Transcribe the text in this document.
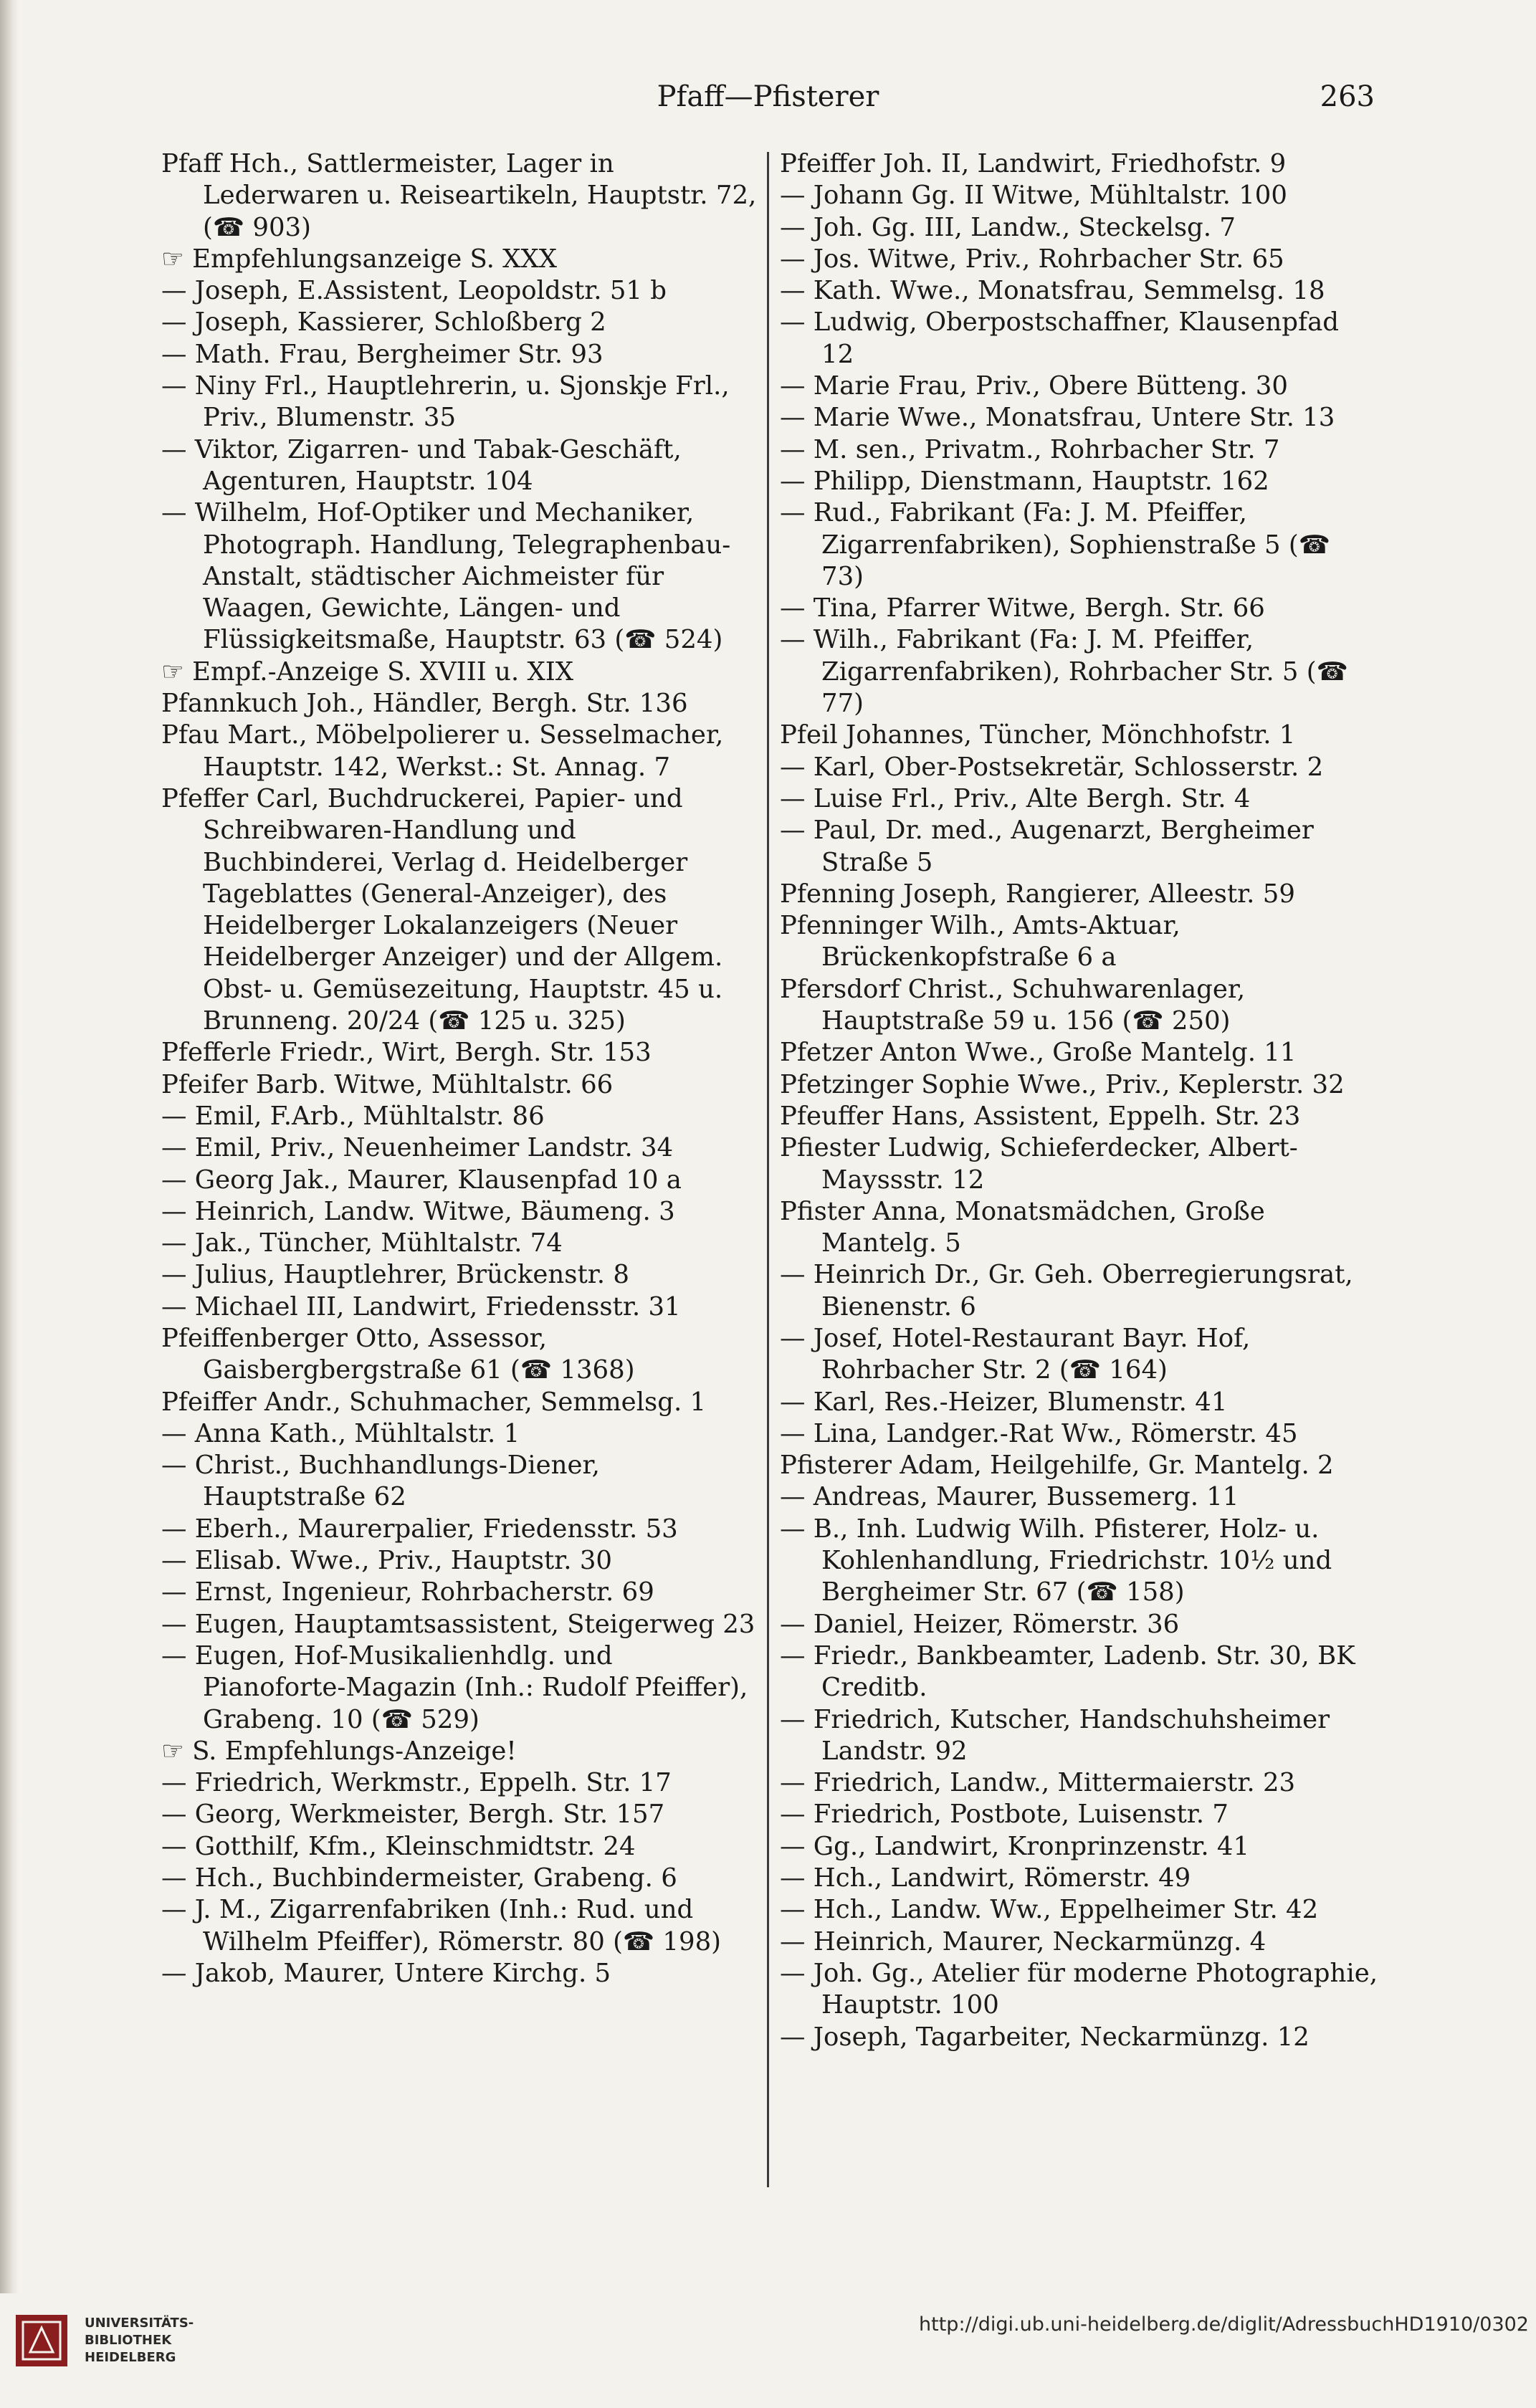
Pfaff—Pfisterer	263

Pfaff Hch., Sattlermeister, Lager in Lederwaren u. Reiseartikeln, Hauptstr. 72, (☎ 903)

☞ Empfehlungsanzeige S. XXX

— Joseph, E.Assistent, Leopoldstr. 51 b

— Joseph, Kassierer, Schloßberg 2

— Math. Frau, Bergheimer Str. 93

— Niny Frl., Hauptlehrerin, u. Sjonskje Frl., Priv., Blumenstr. 35

— Viktor, Zigarren- und Tabak-Geschäft, Agenturen, Hauptstr. 104

— Wilhelm, Hof-Optiker und Mechaniker, Photograph. Handlung, Telegraphenbau-Anstalt, städtischer Aichmeister für Waagen, Gewichte, Längen- und Flüssigkeitsmaße, Hauptstr. 63 (☎ 524)

☞ Empf.-Anzeige S. XVIII u. XIX

Pfannkuch Joh., Händler, Bergh. Str. 136

Pfau Mart., Möbelpolierer u. Sesselmacher, Hauptstr. 142, Werkst.: St. Annag. 7

Pfeffer Carl, Buchdruckerei, Papier- und Schreibwaren-Handlung und Buchbinderei, Verlag d. Heidelberger Tageblattes (General-Anzeiger), des Heidelberger Lokalanzeigers (Neuer Heidelberger Anzeiger) und der Allgem. Obst- u. Gemüsezeitung, Hauptstr. 45 u. Brunneng. 20/24 (☎ 125 u. 325)

Pfefferle Friedr., Wirt, Bergh. Str. 153

Pfeifer Barb. Witwe, Mühltalstr. 66

— Emil, F.Arb., Mühltalstr. 86

— Emil, Priv., Neuenheimer Landstr. 34

— Georg Jak., Maurer, Klausenpfad 10 a

— Heinrich, Landw. Witwe, Bäumeng. 3

— Jak., Tüncher, Mühltalstr. 74

— Julius, Hauptlehrer, Brückenstr. 8

— Michael III, Landwirt, Friedensstr. 31

Pfeiffenberger Otto, Assessor, Gaisbergbergstraße 61 (☎ 1368)

Pfeiffer Andr., Schuhmacher, Semmelsg. 1

— Anna Kath., Mühltalstr. 1

— Christ., Buchhandlungs-Diener, Hauptstraße 62

— Eberh., Maurerpalier, Friedensstr. 53

— Elisab. Wwe., Priv., Hauptstr. 30

— Ernst, Ingenieur, Rohrbacherstr. 69

— Eugen, Hauptamtsassistent, Steigerweg 23

— Eugen, Hof-Musikalienhdlg. und Pianoforte-Magazin (Inh.: Rudolf Pfeiffer), Grabeng. 10 (☎ 529)

☞ S. Empfehlungs-Anzeige!

— Friedrich, Werkmstr., Eppelh. Str. 17

— Georg, Werkmeister, Bergh. Str. 157

— Gotthilf, Kfm., Kleinschmidtstr. 24

— Hch., Buchbindermeister, Grabeng. 6

— J. M., Zigarrenfabriken (Inh.: Rud. und Wilhelm Pfeiffer), Römerstr. 80 (☎ 198)

— Jakob, Maurer, Untere Kirchg. 5

Pfeiffer Joh. II, Landwirt, Friedhofstr. 9

— Johann Gg. II Witwe, Mühltalstr. 100

— Joh. Gg. III, Landw., Steckelsg. 7

— Jos. Witwe, Priv., Rohrbacher Str. 65

— Kath. Wwe., Monatsfrau, Semmelsg. 18

— Ludwig, Oberpostschaffner, Klausenpfad 12

— Marie Frau, Priv., Obere Bütteng. 30

— Marie Wwe., Monatsfrau, Untere Str. 13

— M. sen., Privatm., Rohrbacher Str. 7

— Philipp, Dienstmann, Hauptstr. 162

— Rud., Fabrikant (Fa: J. M. Pfeiffer, Zigarrenfabriken), Sophienstraße 5 (☎ 73)

— Tina, Pfarrer Witwe, Bergh. Str. 66

— Wilh., Fabrikant (Fa: J. M. Pfeiffer, Zigarrenfabriken), Rohrbacher Str. 5 (☎ 77)

Pfeil Johannes, Tüncher, Mönchhofstr. 1

— Karl, Ober-Postsekretär, Schlosserstr. 2

— Luise Frl., Priv., Alte Bergh. Str. 4

— Paul, Dr. med., Augenarzt, Bergheimer Straße 5

Pfenning Joseph, Rangierer, Alleestr. 59

Pfenninger Wilh., Amts-Aktuar, Brückenkopfstraße 6 a

Pfersdorf Christ., Schuhwarenlager, Hauptstraße 59 u. 156 (☎ 250)

Pfetzer Anton Wwe., Große Mantelg. 11

Pfetzinger Sophie Wwe., Priv., Keplerstr. 32

Pfeuffer Hans, Assistent, Eppelh. Str. 23

Pfiester Ludwig, Schieferdecker, Albert-Mayssstr. 12

Pfister Anna, Monatsmädchen, Große Mantelg. 5

— Heinrich Dr., Gr. Geh. Oberregierungsrat, Bienenstr. 6

— Josef, Hotel-Restaurant Bayr. Hof, Rohrbacher Str. 2 (☎ 164)

— Karl, Res.-Heizer, Blumenstr. 41

— Lina, Landger.-Rat Ww., Römerstr. 45

Pfisterer Adam, Heilgehilfe, Gr. Mantelg. 2

— Andreas, Maurer, Bussemerg. 11

— B., Inh. Ludwig Wilh. Pfisterer, Holz- u. Kohlenhandlung, Friedrichstr. 10½ und Bergheimer Str. 67 (☎ 158)

— Daniel, Heizer, Römerstr. 36

— Friedr., Bankbeamter, Ladenb. Str. 30, BK Creditb.

— Friedrich, Kutscher, Handschuhsheimer Landstr. 92

— Friedrich, Landw., Mittermaierstr. 23

— Friedrich, Postbote, Luisenstr. 7

— Gg., Landwirt, Kronprinzenstr. 41

— Hch., Landwirt, Römerstr. 49

— Hch., Landw. Ww., Eppelheimer Str. 42

— Heinrich, Maurer, Neckarmünzg. 4

— Joh. Gg., Atelier für moderne Photographie, Hauptstr. 100

— Joseph, Tagarbeiter, Neckarmünzg. 12

UNIVERSITÄTS-
BIBLIOTHEK
HEIDELBERG
http://digi.ub.uni-heidelberg.de/diglit/AdressbuchHD1910/0302
